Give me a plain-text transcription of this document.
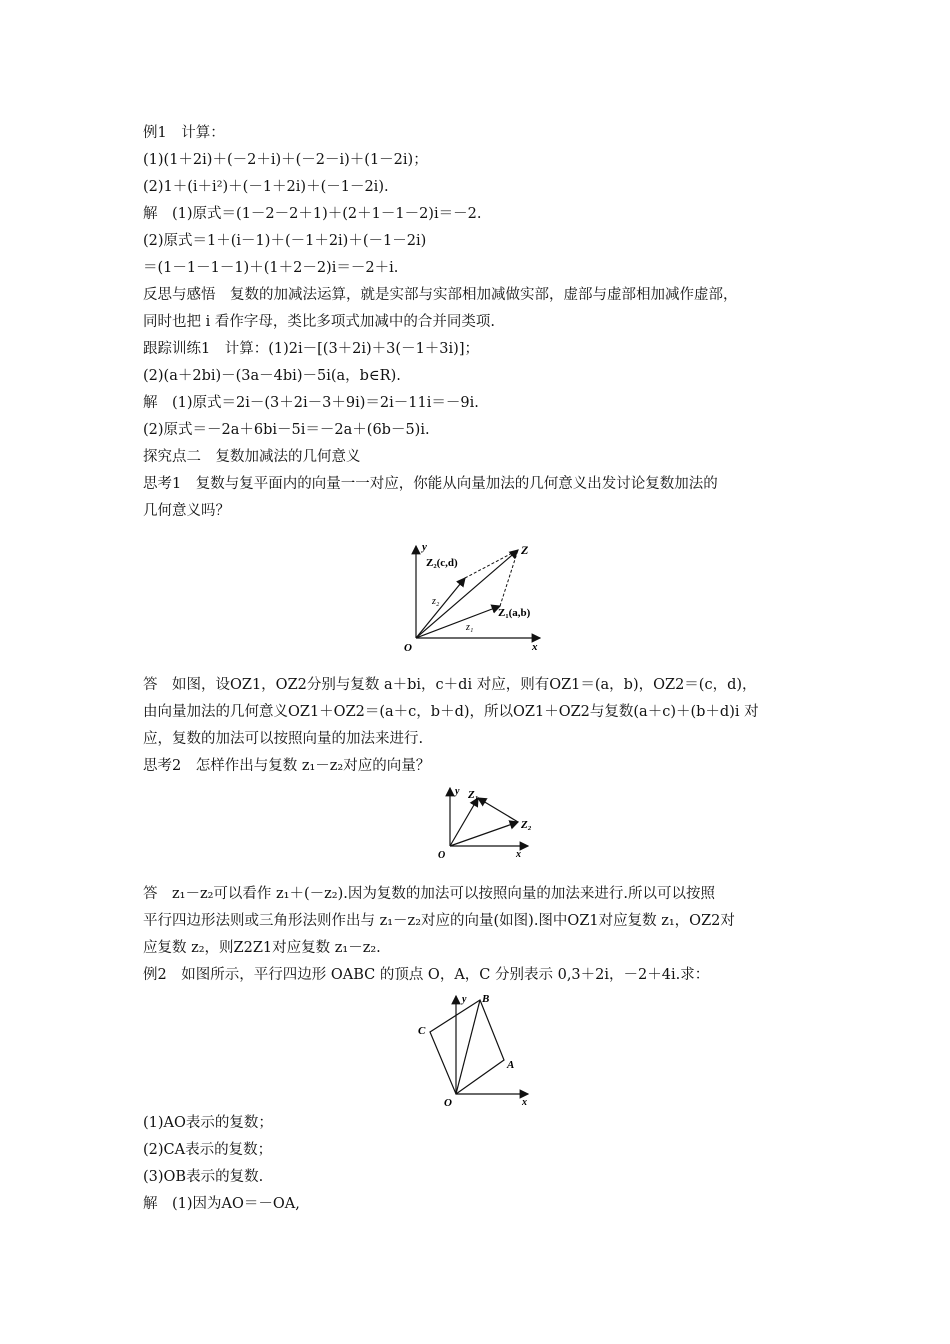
例1　计算：
(1)(1＋2i)＋(－2＋i)＋(－2－i)＋(1－2i)；
(2)1＋(i＋i²)＋(－1＋2i)＋(－1－2i).
解　(1)原式＝(1－2－2＋1)＋(2＋1－1－2)i＝－2.
(2)原式＝1＋(i－1)＋(－1＋2i)＋(－1－2i)
＝(1－1－1－1)＋(1＋2－2)i＝－2＋i.
反思与感悟　复数的加减法运算，就是实部与实部相加减做实部，虚部与虚部相加减作虚部，
同时也把 i 看作字母，类比多项式加减中的合并同类项.
跟踪训练1　计算：(1)2i－[(3＋2i)＋3(－1＋3i)]；
(2)(a＋2bi)－(3a－4bi)－5i(a，b∈R).
解　(1)原式＝2i－(3＋2i－3＋9i)＝2i－11i＝－9i.
(2)原式＝－2a＋6bi－5i＝－2a＋(6b－5)i.
探究点二　复数加减法的几何意义
思考1　复数与复平面内的向量一一对应，你能从向量加法的几何意义出发讨论复数加法的
几何意义吗？
y
x
O
Z
Z₂(c,d)
Z₁(a,b)
z₂
z₁
答　如图，设OZ1，OZ2分别与复数 a＋bi，c＋di 对应，则有OZ1＝(a，b)，OZ2＝(c，d)，
由向量加法的几何意义OZ1＋OZ2＝(a＋c，b＋d)，所以OZ1＋OZ2与复数(a＋c)＋(b＋d)i 对
应，复数的加法可以按照向量的加法来进行.
思考2　怎样作出与复数 z₁－z₂对应的向量？
y
x
O
Z₁
Z₂
答　z₁－z₂可以看作 z₁＋(－z₂).因为复数的加法可以按照向量的加法来进行.所以可以按照
平行四边形法则或三角形法则作出与 z₁－z₂对应的向量(如图).图中OZ1对应复数 z₁，OZ2对
应复数 z₂，则Z2Z1对应复数 z₁－z₂.
例2　如图所示，平行四边形 OABC 的顶点 O，A，C 分别表示 0,3＋2i，－2＋4i.求：
y
x
O
A
B
C
(1)AO表示的复数；
(2)CA表示的复数；
(3)OB表示的复数.
解　(1)因为AO＝－OA,
